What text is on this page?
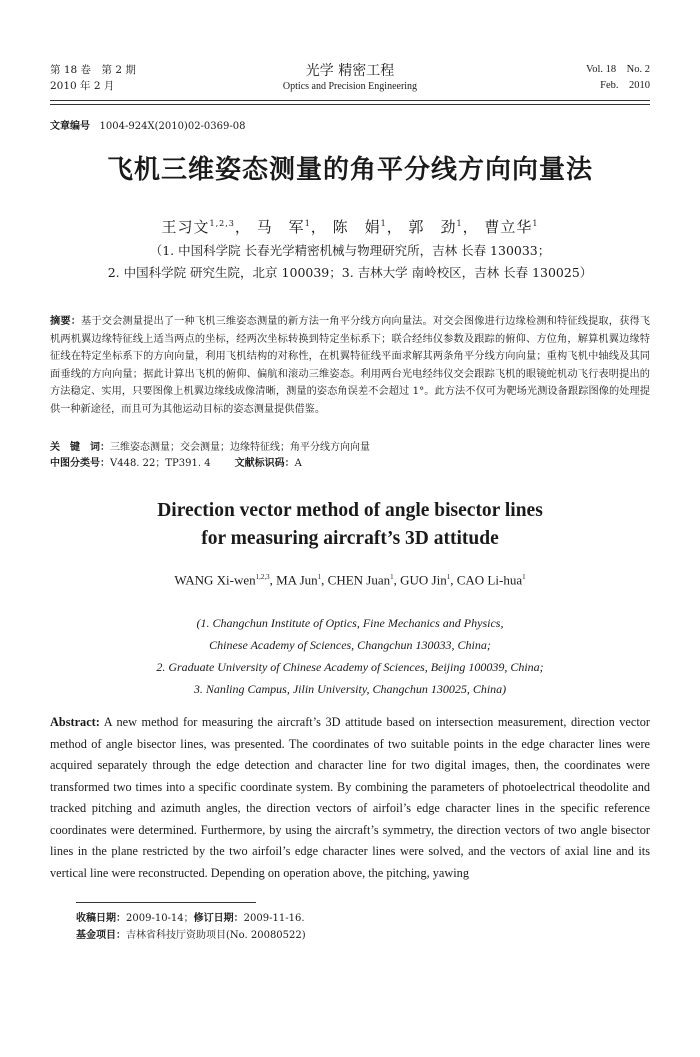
第 18 卷　第 2 期
2010 年 2 月
光学 精密工程
Optics and Precision Engineering
Vol. 18　No. 2
Feb.　2010
文章编号 1004-924X(2010)02-0369-08
飞机三维姿态测量的角平分线方向向量法
王习文$^{1,2,3}$， 马　军$^1$， 陈　娟$^1$， 郭　劲$^1$， 曹立华$^1$
（1. 中国科学院 长春光学精密机械与物理研究所，吉林 长春 130033；
2. 中国科学院 研究生院，北京 100039；3. 吉林大学 南岭校区，吉林 长春 130025）
摘要：基于交会测量提出了一种飞机三维姿态测量的新方法一角平分线方向向量法。对交会图像进行边缘检测和特征线提取，获得飞机两机翼边缘特征线上适当两点的坐标，经两次坐标转换到特定坐标系下；联合经纬仪参数及跟踪的俯仰、方位角，解算机翼边缘特征线在特定坐标系下的方向向量，利用飞机结构的对称性，在机翼特征线平面求解其两条角平分线方向向量；重构飞机中轴线及其同面垂线的方向向量；据此计算出飞机的俯仰、偏航和滚动三维姿态。利用两台光电经纬仪交会跟踪飞机的眼镜蛇机动飞行表明提出的方法稳定、实用，只要图像上机翼边缘线成像清晰，测量的姿态角误差不会超过 1°。此方法不仅可为靶场光测设备跟踪图像的处理提供一种新途径，而且可为其他运动目标的姿态测量提供借鉴。
关　键　词：三维姿态测量；交会测量；边缘特征线；角平分线方向向量
中图分类号：V448. 22；TP391. 4 文献标识码：A
Direction vector method of angle bisector lines
for measuring aircraft’s 3D attitude
WANG Xi-wen$^{1,2,3}$, MA Jun$^1$, CHEN Juan$^1$, GUO Jin$^1$, CAO Li-hua$^1$
(1. Changchun Institute of Optics, Fine Mechanics and Physics,
Chinese Academy of Sciences, Changchun 130033, China;
2. Graduate University of Chinese Academy of Sciences, Beijing 100039, China;
3. Nanling Campus, Jilin University, Changchun 130025, China)
Abstract: A new method for measuring the aircraft’s 3D attitude based on intersection measurement, direction vector method of angle bisector lines, was presented. The coordinates of two suitable points in the edge character lines were acquired separately through the edge detection and character line for two digital images, then, the coordinates were transformed two times into a specific coordinate system. By combining the parameters of photoelectrical theodolite and tracked pitching and azimuth angles, the direction vectors of airfoil’s edge character lines in the specific reference coordinates were determined. Furthermore, by using the aircraft’s symmetry, the direction vectors of two angle bisector lines in the plane restricted by the two airfoil’s edge character lines were solved, and the vectors of axial line and its vertical line were reconstructed. Depending on operation above, the pitching, yawing
收稿日期：2009-10-14；修订日期：2009-11-16.
基金项目：吉林省科技厅资助项目(No. 20080522)
